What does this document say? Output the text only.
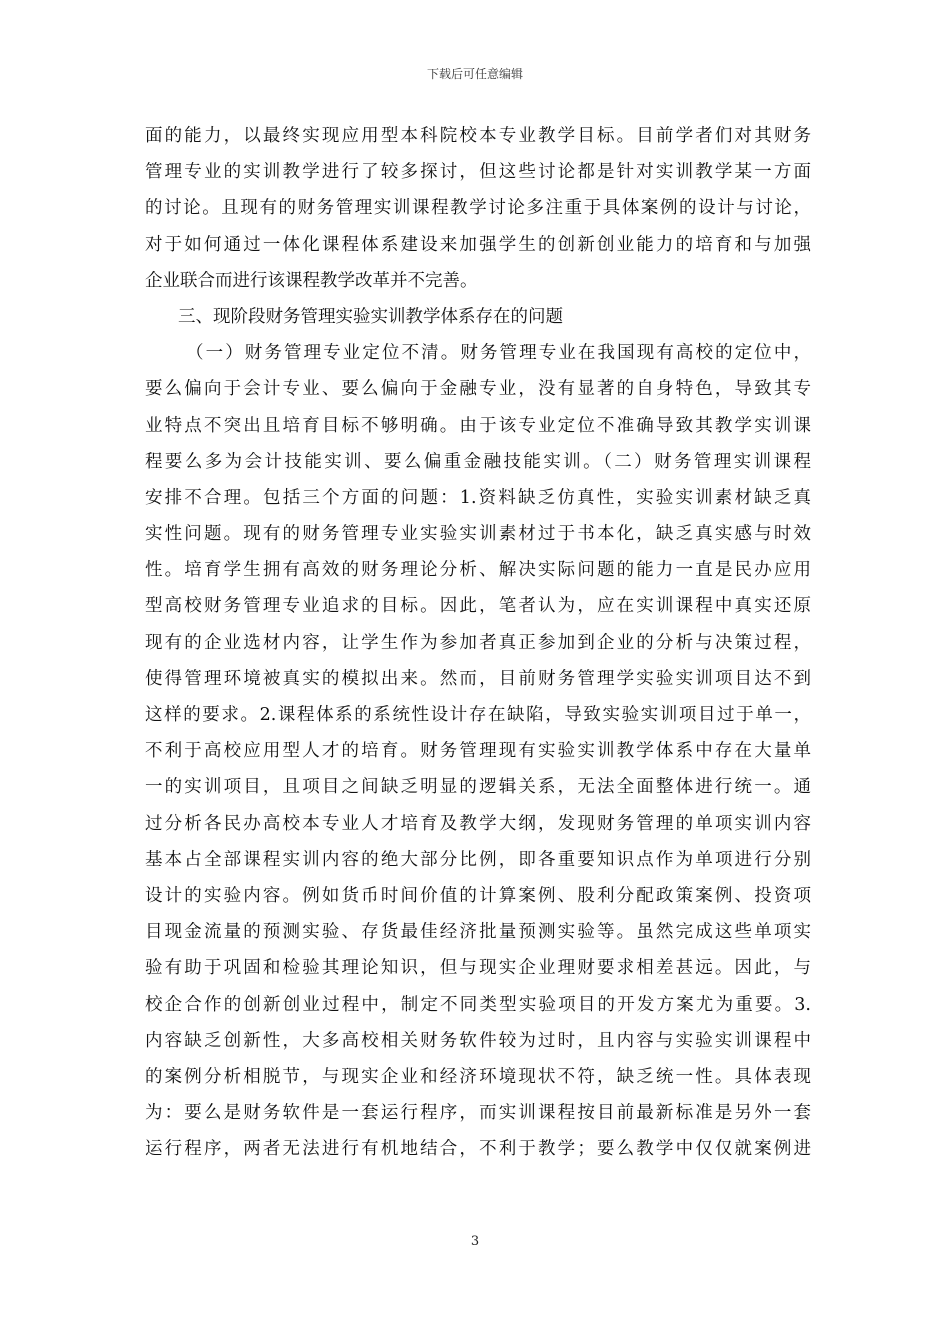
下载后可任意编辑
面的能力，以最终实现应用型本科院校本专业教学目标。目前学者们对其财务
管理专业的实训教学进行了较多探讨，但这些讨论都是针对实训教学某一方面
的讨论。且现有的财务管理实训课程教学讨论多注重于具体案例的设计与讨论，
对于如何通过一体化课程体系建设来加强学生的创新创业能力的培育和与加强
企业联合而进行该课程教学改革并不完善。
三、现阶段财务管理实验实训教学体系存在的问题
（一）财务管理专业定位不清。财务管理专业在我国现有高校的定位中，
要么偏向于会计专业、要么偏向于金融专业，没有显著的自身特色，导致其专
业特点不突出且培育目标不够明确。由于该专业定位不准确导致其教学实训课
程要么多为会计技能实训、要么偏重金融技能实训。（二）财务管理实训课程
安排不合理。包括三个方面的问题：1.资料缺乏仿真性，实验实训素材缺乏真
实性问题。现有的财务管理专业实验实训素材过于书本化，缺乏真实感与时效
性。培育学生拥有高效的财务理论分析、解决实际问题的能力一直是民办应用
型高校财务管理专业追求的目标。因此，笔者认为，应在实训课程中真实还原
现有的企业选材内容，让学生作为参加者真正参加到企业的分析与决策过程，
使得管理环境被真实的模拟出来。然而，目前财务管理学实验实训项目达不到
这样的要求。2.课程体系的系统性设计存在缺陷，导致实验实训项目过于单一，
不利于高校应用型人才的培育。财务管理现有实验实训教学体系中存在大量单
一的实训项目，且项目之间缺乏明显的逻辑关系，无法全面整体进行统一。通
过分析各民办高校本专业人才培育及教学大纲，发现财务管理的单项实训内容
基本占全部课程实训内容的绝大部分比例，即各重要知识点作为单项进行分别
设计的实验内容。例如货币时间价值的计算案例、股利分配政策案例、投资项
目现金流量的预测实验、存货最佳经济批量预测实验等。虽然完成这些单项实
验有助于巩固和检验其理论知识，但与现实企业理财要求相差甚远。因此，与
校企合作的创新创业过程中，制定不同类型实验项目的开发方案尤为重要。3.
内容缺乏创新性，大多高校相关财务软件较为过时，且内容与实验实训课程中
的案例分析相脱节，与现实企业和经济环境现状不符，缺乏统一性。具体表现
为：要么是财务软件是一套运行程序，而实训课程按目前最新标准是另外一套
运行程序，两者无法进行有机地结合，不利于教学；要么教学中仅仅就案例进
3
